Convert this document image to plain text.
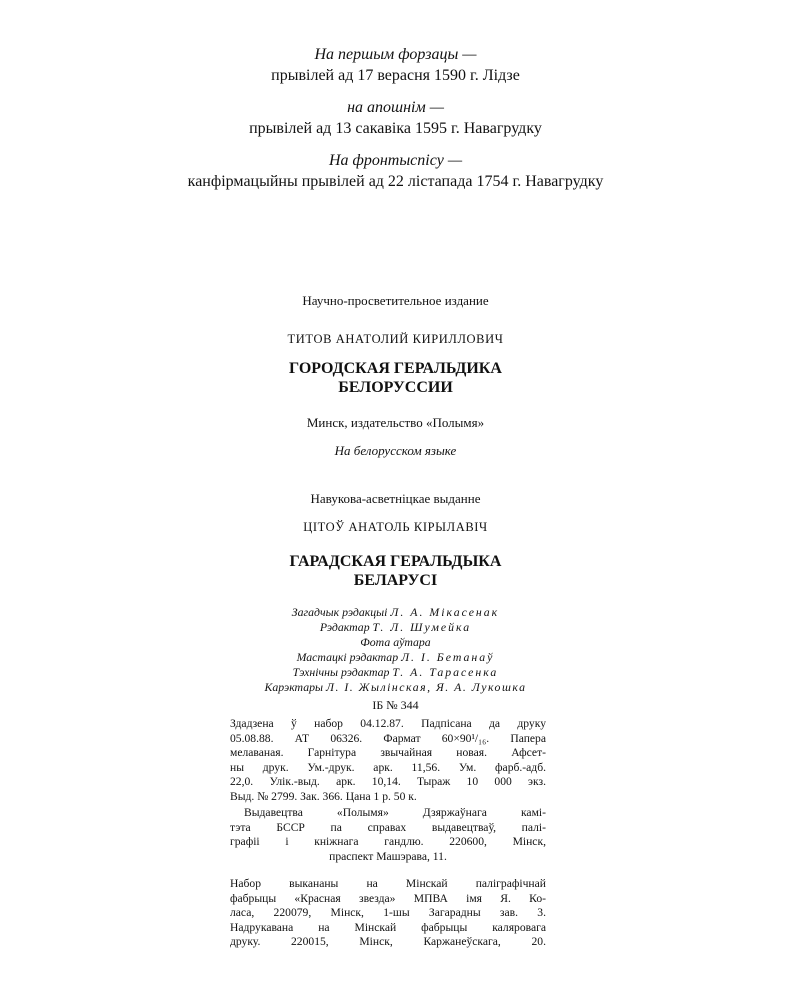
На першым форзацы —
прывілей ад 17 верасня 1590 г. Лідзе
на апошнім —
прывілей ад 13 сакавіка 1595 г. Навагрудку
На фронтыспісу —
канфірмацыйны прывілей ад 22 лістапада 1754 г. Навагрудку
Научно-просветительное издание
ТИТОВ АНАТОЛИЙ КИРИЛЛОВИЧ
ГОРОДСКАЯ ГЕРАЛЬДИКА
БЕЛОРУССИИ
Минск, издательство «Полымя»
На белорусском языке
Навукова-асветніцкае выданне
ЦІТОЎ АНАТОЛЬ КІРЫЛАВІЧ
ГАРАДСКАЯ ГЕРАЛЬДЫКА
БЕЛАРУСІ
Загадчык рэдакцыі Л. А. Мікасенак
Рэдактар Т. Л. Шумейка
Фота аўтара
Мастацкі рэдактар Л. І. Бетанаў
Тэхнічны рэдактар Т. А. Тарасенка
Карэктары Л. І. Жылінская, Я. А. Лукошка
ІБ № 344
Здадзена ў набор 04.12.87. Падпісана да друку
05.08.88. АТ 06326. Фармат 60×90¹/₁₆. Папера
мелаваная. Гарнітура звычайная новая. Афсет-
ны друк. Ум.-друк. арк. 11,56. Ум. фарб.-адб.
22,0. Улік.-выд. арк. 10,14. Тыраж 10 000 экз.
Выд. № 2799. Зак. 366. Цана 1 р. 50 к.
Выдавецтва «Полымя» Дзяржаўнага камі-
тэта БССР па справах выдавецтваў, палі-
графіі і кніжнага гандлю. 220600, Мінск,
праспект Машэрава, 11.
Набор выкананы на Мінскай паліграфічнай
фабрыцы «Красная звезда» МПВА імя Я. Ко-
ласа, 220079, Мінск, 1-шы Загарадны зав. 3.
Надрукавана на Мінскай фабрыцы каляровага
друку. 220015, Мінск, Каржанеўскага, 20.
